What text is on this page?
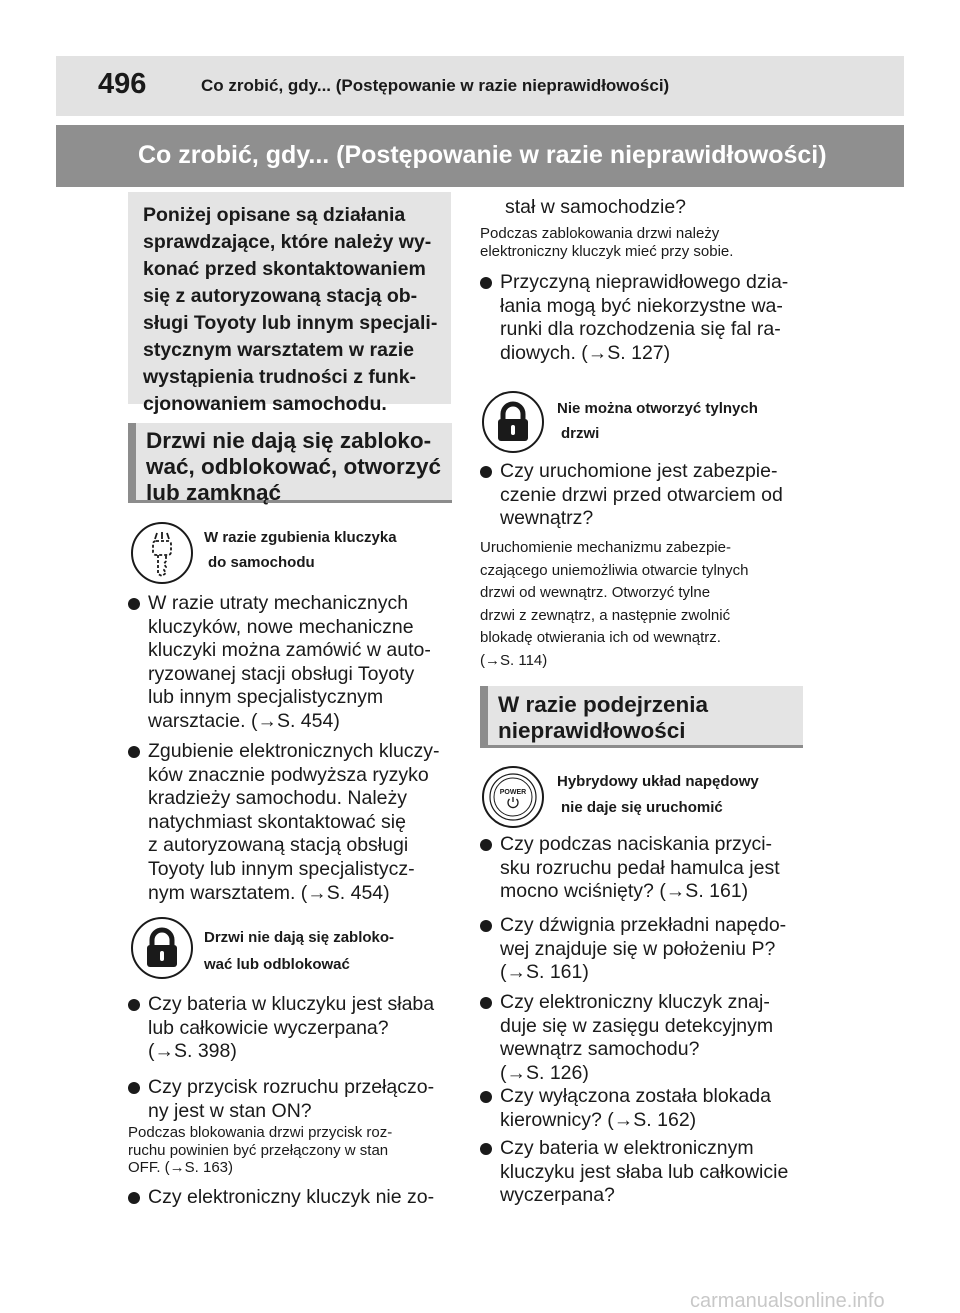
496	Co zrobić, gdy... (Postępowanie w razie nieprawidłowości)
Co zrobić, gdy... (Postępowanie w razie nieprawidłowości)
Poniżej opisane są działania sprawdzające, które należy wy-konać przed skontaktowaniem się z autoryzowaną stacją ob-sługi Toyoty lub innym specjali-stycznym warsztatem w razie wystąpienia trudności z funk-cjonowaniem samochodu.
Drzwi nie dają się zabloko-
wać, odblokować, otworzyć
lub zamknąć
W razie zgubienia kluczyka
do samochodu
W razie utraty mechanicznych
kluczyków, nowe mechaniczne
kluczyki można zamówić w auto-
ryzowanej stacji obsługi Toyoty
lub innym specjalistycznym
warsztacie. (→S. 454)
Zgubienie elektronicznych kluczy-
ków znacznie podwyższa ryzyko
kradzieży samochodu. Należy
natychmiast skontaktować się
z autoryzowaną stacją obsługi
Toyoty lub innym specjalistycz-
nym warsztatem. (→S. 454)
Drzwi nie dają się zabloko-
wać lub odblokować
Czy bateria w kluczyku jest słaba
lub całkowicie wyczerpana?
(→S. 398)
Czy przycisk rozruchu przełączo-
ny jest w stan ON?
Podczas blokowania drzwi przycisk roz-
ruchu powinien być przełączony w stan
OFF. (→S. 163)
Czy elektroniczny kluczyk nie zo-
stał w samochodzie?
Podczas zablokowania drzwi należy
elektroniczny kluczyk mieć przy sobie.
Przyczyną nieprawidłowego dzia-
łania mogą być niekorzystne wa-
runki dla rozchodzenia się fal ra-
diowych. (→S. 127)
Nie można otworzyć tylnych
drzwi
Czy uruchomione jest zabezpie-
czenie drzwi przed otwarciem od
wewnątrz?
Uruchomienie mechanizmu zabezpie-
czającego uniemożliwia otwarcie tylnych
drzwi od wewnątrz. Otworzyć tylne
drzwi z zewnątrz, a następnie zwolnić
blokadę otwierania ich od wewnątrz.
(→S. 114)
W razie podejrzenia
nieprawidłowości
POWER
Hybrydowy układ napędowy
nie daje się uruchomić
Czy podczas naciskania przyci-
sku rozruchu pedał hamulca jest
mocno wciśnięty? (→S. 161)
Czy dźwignia przekładni napędo-
wej znajduje się w położeniu P?
(→S. 161)
Czy elektroniczny kluczyk znaj-
duje się w zasięgu detekcyjnym
wewnątrz samochodu?
(→S. 126)
Czy wyłączona została blokada
kierownicy? (→S. 162)
Czy bateria w elektronicznym
kluczyku jest słaba lub całkowicie
wyczerpana?
carmanualsonline.info
